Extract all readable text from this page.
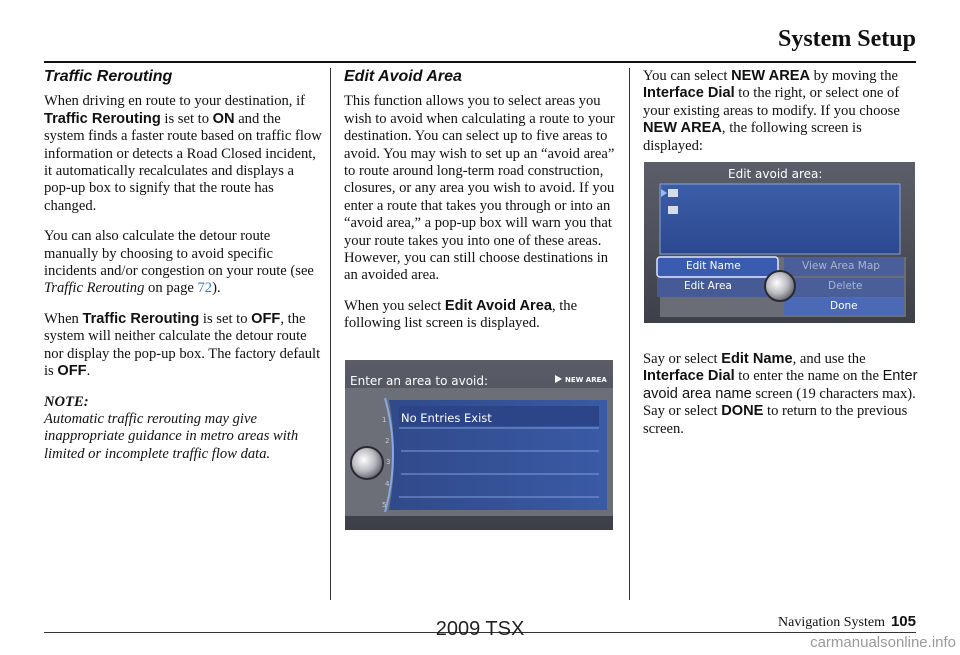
System Setup
Traffic Rerouting

When driving en route to your destination, if Traffic Rerouting is set to ON and the system finds a faster route based on traffic flow information or detects a Road Closed incident, it automatically recalculates and displays a pop-up box to signify that the route has changed.

You can also calculate the detour route manually by choosing to avoid specific incidents and/or congestion on your route (see Traffic Rerouting on page 72).

When Traffic Rerouting is set to OFF, the system will neither calculate the detour route nor display the pop-up box. The factory default is OFF.

NOTE:

Automatic traffic rerouting may give inappropriate guidance in metro areas with limited or incomplete traffic flow data.

Edit Avoid Area

This function allows you to select areas you wish to avoid when calculating a route to your destination. You can select up to five areas to avoid. You may wish to set up an “avoid area” to route around long-term road construction, closures, or any area you wish to avoid. If you enter a route that takes you through or into an “avoid area,” a pop-up box will warn you that your route takes you into one of these areas. However, you can still choose destinations in an avoided area.

When you select Edit Avoid Area, the following list screen is displayed.

Enter an area to avoid:	NEW AREA
No Entries Exist
1
2
3
4
5

You can select NEW AREA by moving the Interface Dial to the right, or select one of your existing areas to modify. If you choose NEW AREA, the following screen is displayed:

Say or select Edit Name, and use the Interface Dial to enter the name on the Enter avoid area name screen (19 characters max). Say or select DONE to return to the previous screen.

Edit avoid area:
Edit Name	View Area Map
Edit Area	Delete
Done
Navigation System 105
2009 TSX
carmanualsonline.info
